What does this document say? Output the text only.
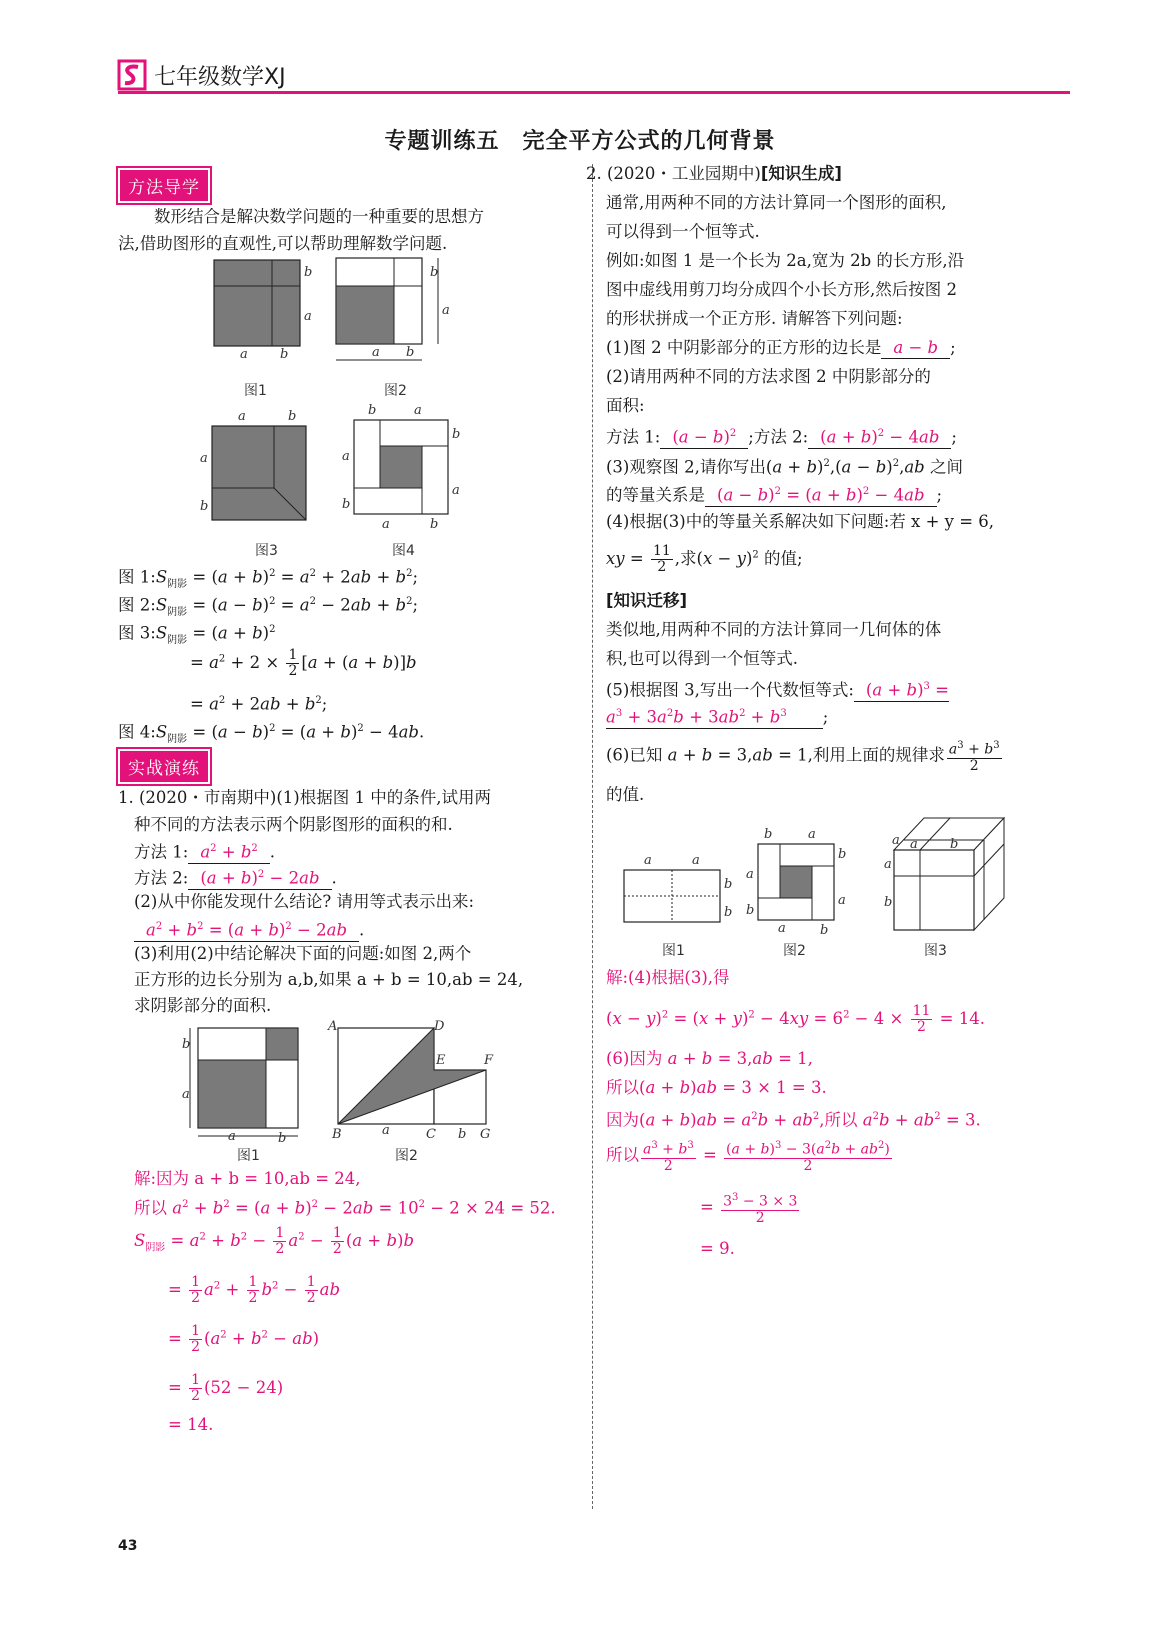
七年级数学XJ
专题训练五　完全平方公式的几何背景
方法导学
数形结合是解决数学问题的一种重要的思想方
法,借助图形的直观性,可以帮助理解数学问题.
b
a
a b
图1
b
a
a b
图2
a	b
a
b
图3
b	a
b
a
a
b
a	b
图4
图 $1:S_{阴影} = (a + b)^2 = a^2 + 2ab + b^2$;
图 $2:S_{阴影} = (a - b)^2 = a^2 - 2ab + b^2$;
图 $3:S_{阴影} = (a + b)^2$
= $a^2 + 2 \times \frac{1}{2} [a + (a + b)]b$
= $a^2 + 2ab + b^2$;
图 $4:S_{阴影} = (a - b)^2 = (a + b)^2 - 4ab$.
实战演练
1. (2020・市南期中)(1)根据图 1 中的条件,试用两
种不同的方法表示两个阴影图形的面积的和.
方法 1: $a^2 + b^2$ .
方法 2: $(a + b)^2 - 2ab$ .
(2)从中你能发现什么结论? 请用等式表示出来:
$a^2 + b^2 = (a + b)^2 - 2ab$ .
(3)利用(2)中结论解决下面的问题:如图 2,两个
正方形的边长分别为 a,b,如果 a + b = 10,ab = 24,
求阴影部分的面积.
b
a
a	b
图1
A	D
E	F
B	a	C b G
图2
解:因为 a + b = 10,ab = 24,
所以 $a^2 + b^2 = (a + b)^2 - 2ab = 10^2 - 2 \times 24 = 52$.
$S_{阴影} = a^2 + b^2 - \frac{1}{2} a^2 - \frac{1}{2} (a + b)b$
= $\frac{1}{2} a^2 + \frac{1}{2} b^2 - \frac{1}{2}$ ab
= $\frac{1}{2} (a^2 + b^2 - ab)$
= $\frac{1}{2} (52 - 24)$
= 14.
2. (2020・工业园期中)[知识生成]
通常,用两种不同的方法计算同一个图形的面积,
可以得到一个恒等式.
例如:如图 1 是一个长为 2a,宽为 2b 的长方形,沿
图中虚线用剪刀均分成四个小长方形,然后按图 2
的形状拼成一个正方形. 请解答下列问题:
(1)图 2 中阴影部分的正方形的边长是 a − b ;
(2)请用两种不同的方法求图 2 中阴影部分的
面积:
方法 1: $(a - b)^2$ ;方法 2: $(a + b)^2 - 4ab$ ;
(3)观察图 2,请你写出$(a + b)^2,(a - b)^2,ab$ 之间
的等量关系是 $(a - b)^2 = (a + b)^2 - 4ab$ ;
(4)根据(3)中的等量关系解决如下问题:若 x + y = 6,
xy = $\frac{11}{2}$ ,求$(x - y)^2$ 的值;
[知识迁移]
类似地,用两种不同的方法计算同一几何体的体
积,也可以得到一个恒等式.
(5)根据图 3,写出一个代数恒等式: $(a + b)^3$ =
$a^3 + 3a^2b + 3ab^2 + b^3$ ;
(6)已知 a + b = 3,ab = 1,利用上面的规律求 $\frac{a^3 + b^3}{2}$
的值.
a	a
b
b
图1
b	a
b
a
a
b
a	b
图2
a a b
a
b
图3
解:(4)根据(3),得
$(x - y)^2 = (x + y)^2 - 4xy = 6^2 - 4 \times \frac{11}{2} = 14$.
(6)因为 a + b = 3,ab = 1,
所以(a + b)ab = 3 × 1 = 3.
因为$(a + b)ab = a^2b + ab^2$,所以 $a^2b + ab^2 = 3$.
所以 $\frac{a^3 + b^3}{2} = \frac{(a + b)^3 - 3(a^2b + ab^2)}{2}$
= $\frac{3^3 - 3 \times 3}{2}$
= 9.
43
